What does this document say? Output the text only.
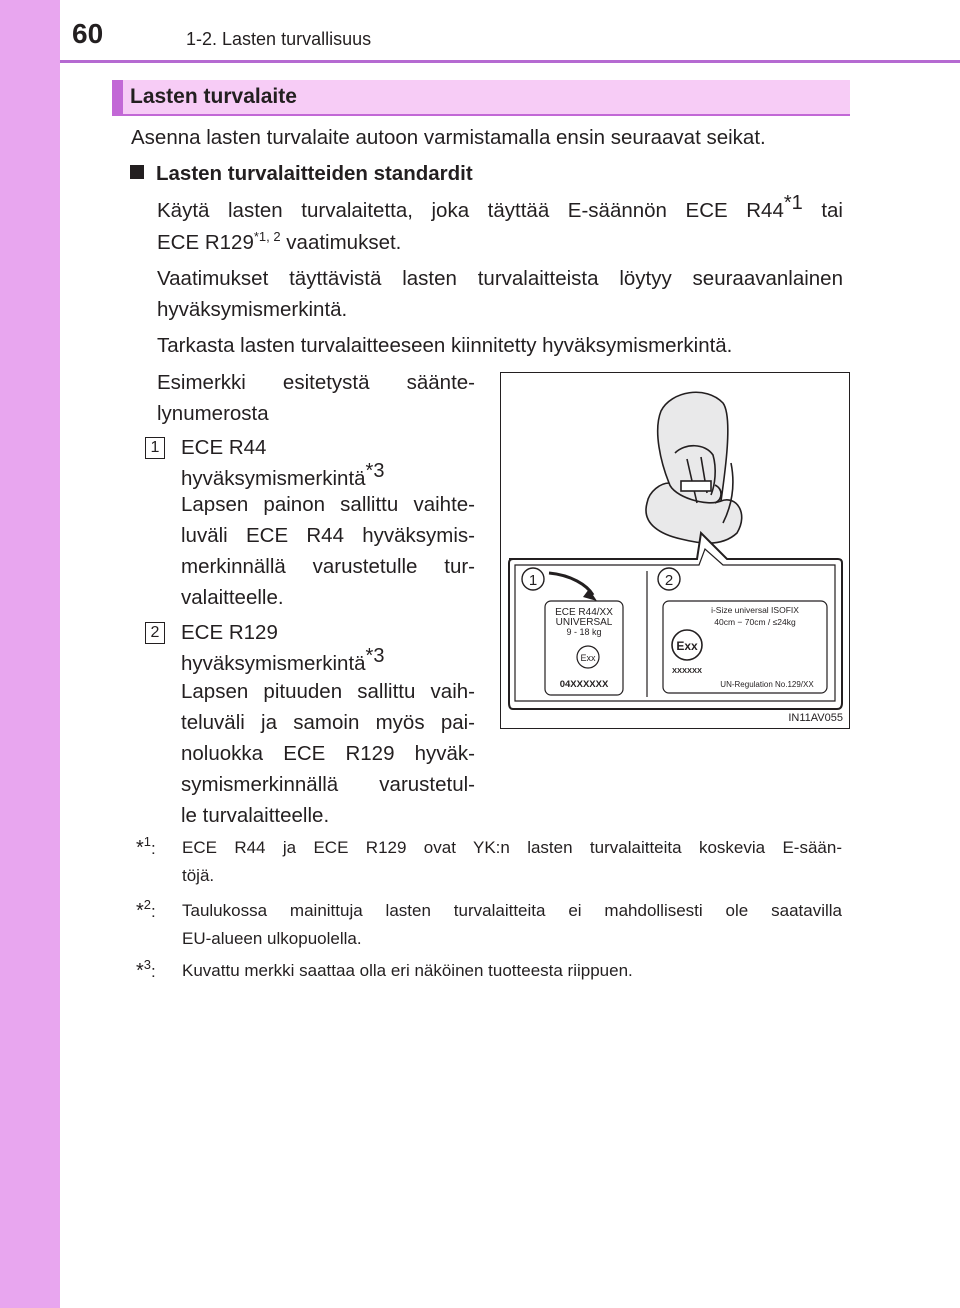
60	1-2. Lasten turvallisuus
Lasten turvalaite
Asenna lasten turvalaite autoon varmistamalla ensin seuraavat seikat.
Lasten turvalaitteiden standardit
Käytä lasten turvalaitetta, joka täyttää E-säännön ECE R44$^{*1}$ tai
ECE R129$^{*1, 2}$ vaatimukset.
Vaatimukset täyttävistä lasten turvalaitteista löytyy seuraavanlainen
hyväksymismerkintä.
Tarkasta lasten turvalaitteeseen kiinnitetty hyväksymismerkintä.
Esimerkki esitetystä säänte-
lynumerosta
1 ECE R44
hyväksymismerkintä$^{*3}$
Lapsen painon sallittu vaihte-
luväli ECE R44 hyväksymis-
merkinnällä varustetulle tur-
valaitteelle.
2 ECE R129
hyväksymismerkintä$^{*3}$
Lapsen pituuden sallittu vaih-
teluväli ja samoin myös pai-
noluokka ECE R129 hyväk-
symismerkinnällä varustetul-
le turvalaitteelle.
1	2
ECE R44/XX
UNIVERSAL
9 - 18 kg
Exx
04XXXXXX
i-Size universal ISOFIX
40cm − 70cm / ≤24kg
Exx
XXXXXX
UN-Regulation No.129/XX
IN11AV055
*$^1$: ECE R44 ja ECE R129 ovat YK:n lasten turvalaitteita koskevia E-sään-
töjä.
*$^2$: Taulukossa mainittuja lasten turvalaitteita ei mahdollisesti ole saatavilla
EU-alueen ulkopuolella.
*$^3$: Kuvattu merkki saattaa olla eri näköinen tuotteesta riippuen.
